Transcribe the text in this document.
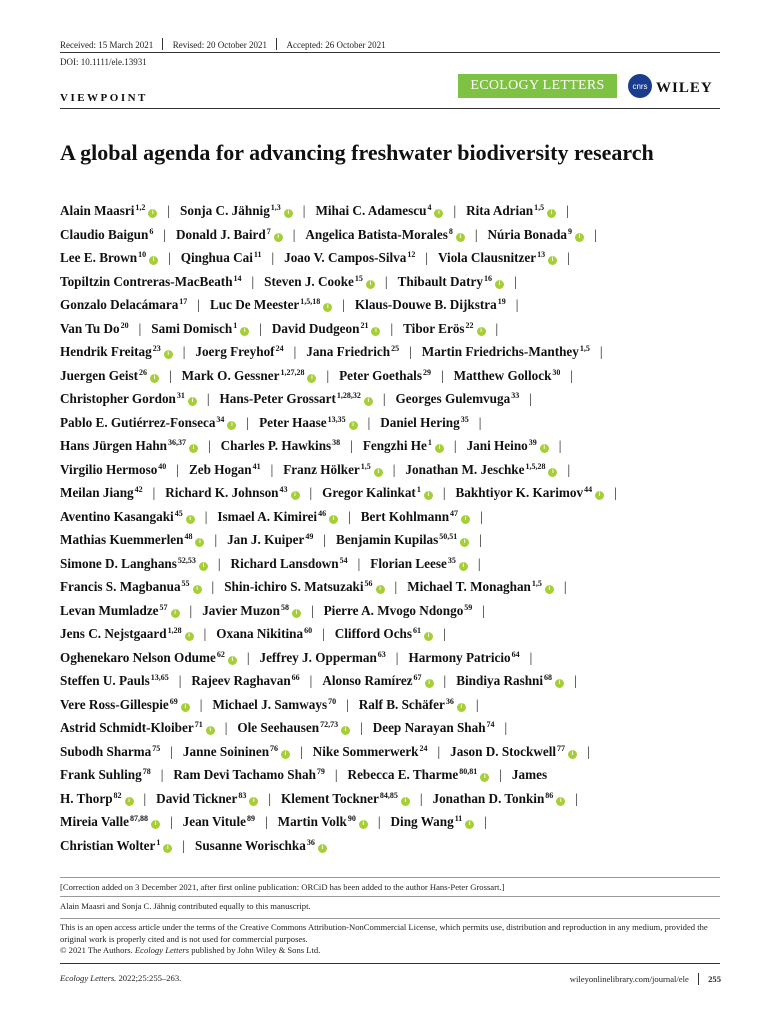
Received: 15 March 2021 Revised: 20 October 2021 Accepted: 26 October 2021
DOI: 10.1111/ele.13931
ECOLOGY LETTERS	cnrs WILEY
VIEWPOINT
A global agenda for advancing freshwater biodiversity research
Alain Maasri$^{1,2}$i | Sonja C. Jähnig$^{1,3}$i | Mihai C. Adamescu$^4$i | Rita Adrian$^{1,5}$i |
Claudio Baigun$^6$ | Donald J. Baird$^7$i | Angelica Batista-Morales$^8$i | Núria Bonada$^9$i |
Lee E. Brown$^{10}$i | Qinghua Cai$^{11}$ | Joao V. Campos-Silva$^{12}$ | Viola Clausnitzer$^{13}$i |
Topiltzin Contreras-MacBeath$^{14}$ | Steven J. Cooke$^{15}$i | Thibault Datry$^{16}$i |
Gonzalo Delacámara$^{17}$ | Luc De Meester$^{1,5,18}$i | Klaus-Douwe B. Dijkstra$^{19}$ |
Van Tu Do$^{20}$ | Sami Domisch$^1$i | David Dudgeon$^{21}$i | Tibor Erös$^{22}$i |
Hendrik Freitag$^{23}$i | Joerg Freyhof$^{24}$ | Jana Friedrich$^{25}$ | Martin Friedrichs-Manthey$^{1,5}$ |
Juergen Geist$^{26}$i | Mark O. Gessner$^{1,27,28}$i | Peter Goethals$^{29}$ | Matthew Gollock$^{30}$ |
Christopher Gordon$^{31}$i | Hans-Peter Grossart$^{1,28,32}$i | Georges Gulemvuga$^{33}$ |
Pablo E. Gutiérrez-Fonseca$^{34}$i | Peter Haase$^{13,35}$i | Daniel Hering$^{35}$ |
Hans Jürgen Hahn$^{36,37}$i | Charles P. Hawkins$^{38}$ | Fengzhi He$^1$i | Jani Heino$^{39}$i |
Virgilio Hermoso$^{40}$ | Zeb Hogan$^{41}$ | Franz Hölker$^{1,5}$i | Jonathan M. Jeschke$^{1,5,28}$i |
Meilan Jiang$^{42}$ | Richard K. Johnson$^{43}$i | Gregor Kalinkat$^1$i | Bakhtiyor K. Karimov$^{44}$i |
Aventino Kasangaki$^{45}$i | Ismael A. Kimirei$^{46}$i | Bert Kohlmann$^{47}$i |
Mathias Kuemmerlen$^{48}$i | Jan J. Kuiper$^{49}$ | Benjamin Kupilas$^{50,51}$i |
Simone D. Langhans$^{52,53}$i | Richard Lansdown$^{54}$ | Florian Leese$^{35}$i |
Francis S. Magbanua$^{55}$i | Shin-ichiro S. Matsuzaki$^{56}$i | Michael T. Monaghan$^{1,5}$i |
Levan Mumladze$^{57}$i | Javier Muzon$^{58}$i | Pierre A. Mvogo Ndongo$^{59}$ |
Jens C. Nejstgaard$^{1,28}$i | Oxana Nikitina$^{60}$ | Clifford Ochs$^{61}$i |
Oghenekaro Nelson Odume$^{62}$i | Jeffrey J. Opperman$^{63}$ | Harmony Patricio$^{64}$ |
Steffen U. Pauls$^{13,65}$ | Rajeev Raghavan$^{66}$ | Alonso Ramírez$^{67}$i | Bindiya Rashni$^{68}$i |
Vere Ross-Gillespie$^{69}$i | Michael J. Samways$^{70}$ | Ralf B. Schäfer$^{36}$i |
Astrid Schmidt-Kloiber$^{71}$i | Ole Seehausen$^{72,73}$i | Deep Narayan Shah$^{74}$ |
Subodh Sharma$^{75}$ | Janne Soininen$^{76}$i | Nike Sommerwerk$^{24}$ | Jason D. Stockwell$^{77}$i |
Frank Suhling$^{78}$ | Ram Devi Tachamo Shah$^{79}$ | Rebecca E. Tharme$^{80,81}$i | James
H. Thorp$^{82}$i | David Tickner$^{83}$i | Klement Tockner$^{84,85}$i | Jonathan D. Tonkin$^{86}$i |
Mireia Valle$^{87,88}$i | Jean Vitule$^{89}$ | Martin Volk$^{90}$i | Ding Wang$^{11}$i |
Christian Wolter$^1$i | Susanne Worischka$^{36}$i
[Correction added on 3 December 2021, after first online publication: ORCiD has been added to the author Hans-Peter Grossart.]
Alain Maasri and Sonja C. Jähnig contributed equally to this manuscript.
This is an open access article under the terms of the Creative Commons Attribution-NonCommercial License, which permits use, distribution and reproduction in any medium, provided the original work is properly cited and is not used for commercial purposes.
© 2021 The Authors. Ecology Letters published by John Wiley & Sons Ltd.
Ecology Letters. 2022;25:255–263.	wileyonlinelibrary.com/journal/ele 255
